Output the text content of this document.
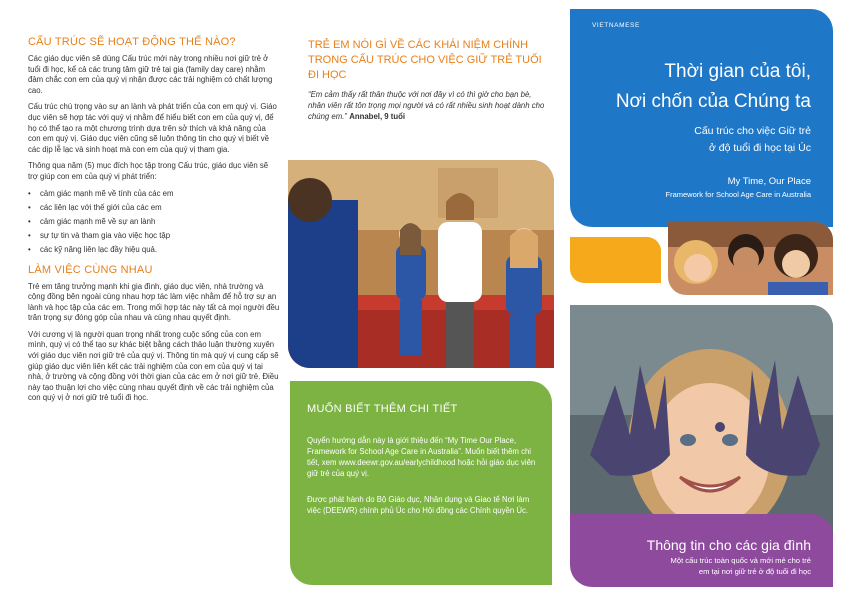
CẤU TRÚC SẼ HOẠT ĐỘNG THẾ NÀO?

Các giáo dục viên sẽ dùng Cấu trúc mới này trong nhiều nơi giữ trẻ ở tuổi đi học, kể cả các trung tâm giữ trẻ tại gia (family day care) nhằm đảm chắc con em của quý vị nhận được các trải nghiệm có chất lượng cao.

Cấu trúc chú trọng vào sự an lành và phát triển của con em quý vị. Giáo dục viên sẽ hợp tác với quý vị nhằm để hiểu biết con em của quý vị, để họ có thể tạo ra một chương trình dựa trên sở thích và khả năng của con em quý vị. Giáo dục viên cũng sẽ luôn thông tin cho quý vị biết về các dịp lễ lạc và sinh hoạt mà con em của quý vị tham gia.

Thông qua năm (5) mục đích học tập trong Cấu trúc, giáo dục viên sẽ trợ giúp con em của quý vị phát triển:

• cảm giác mạnh mẽ về tính của các em
• các liên lạc với thế giới của các em
• cảm giác mạnh mẽ về sự an lành
• sự tự tin và tham gia vào việc học tập
• các kỹ năng liên lạc đầy hiệu quả.
LÀM VIỆC CÙNG NHAU

Trẻ em tăng trưởng mạnh khi gia đình, giáo dục viên, nhà trường và cộng đồng bên ngoài cùng nhau hợp tác làm việc nhằm để hỗ trợ sự an lành và học tập của các em. Trong mối hợp tác này tất cả mọi người đều trân trọng sự đóng góp của nhau và cùng nhau quyết định.

Với cương vị là người quan trọng nhất trong cuộc sống của con em mình, quý vị có thể tạo sự khác biệt bằng cách thảo luận thường xuyên với giáo dục viên nơi giữ trẻ của quý vị. Thông tin mà quý vị cung cấp sẽ giúp giáo dục viên liên kết các trải nghiệm của con em của quý vị tại nhà, ở trường và cộng đồng với thời gian của các em ở nơi giữ trẻ. Điều này tạo thuận lợi cho việc cùng nhau quyết định về các trải nghiệm của con quý vị ở nơi giữ trẻ tuổi đi học.

TRẺ EM NÓI GÌ VỀ CÁC KHÁI NIỆM CHÍNH TRONG CẤU TRÚC CHO VIỆC GIỮ TRẺ TUỔI ĐI HỌC

“Em cảm thấy rất thân thuộc với nơi đây vì có thì giờ cho bạn bè, nhân viên rất tôn trọng mọi người và có rất nhiều sinh hoạt dành cho chúng em.” Annabel, 9 tuổi

MUỐN BIẾT THÊM CHI TIẾT

Quyển hướng dẫn này là giới thiệu đến “My Time Our Place, Framework for School Age Care in Australia”. Muốn biết thêm chi tiết, xem www.deewr.gov.au/earlychildhood hoặc hỏi giáo dục viên giữ trẻ của quý vị.

Được phát hành do Bộ Giáo dục, Nhân dụng và Giao tế Nơi làm việc (DEEWR) chính phủ Úc cho Hội đồng các Chính quyền Úc.

VIETNAMESE
Thời gian của tôi,
Nơi chốn của Chúng ta
Cấu trúc cho việc Giữ trẻ
ở độ tuổi đi học tại Úc
My Time, Our Place
Framework for School Age Care in Australia
Thông tin cho các gia đình
Một cấu trúc toàn quốc và mới mẻ cho trẻ
em tại nơi giữ trẻ ở độ tuổi đi học
